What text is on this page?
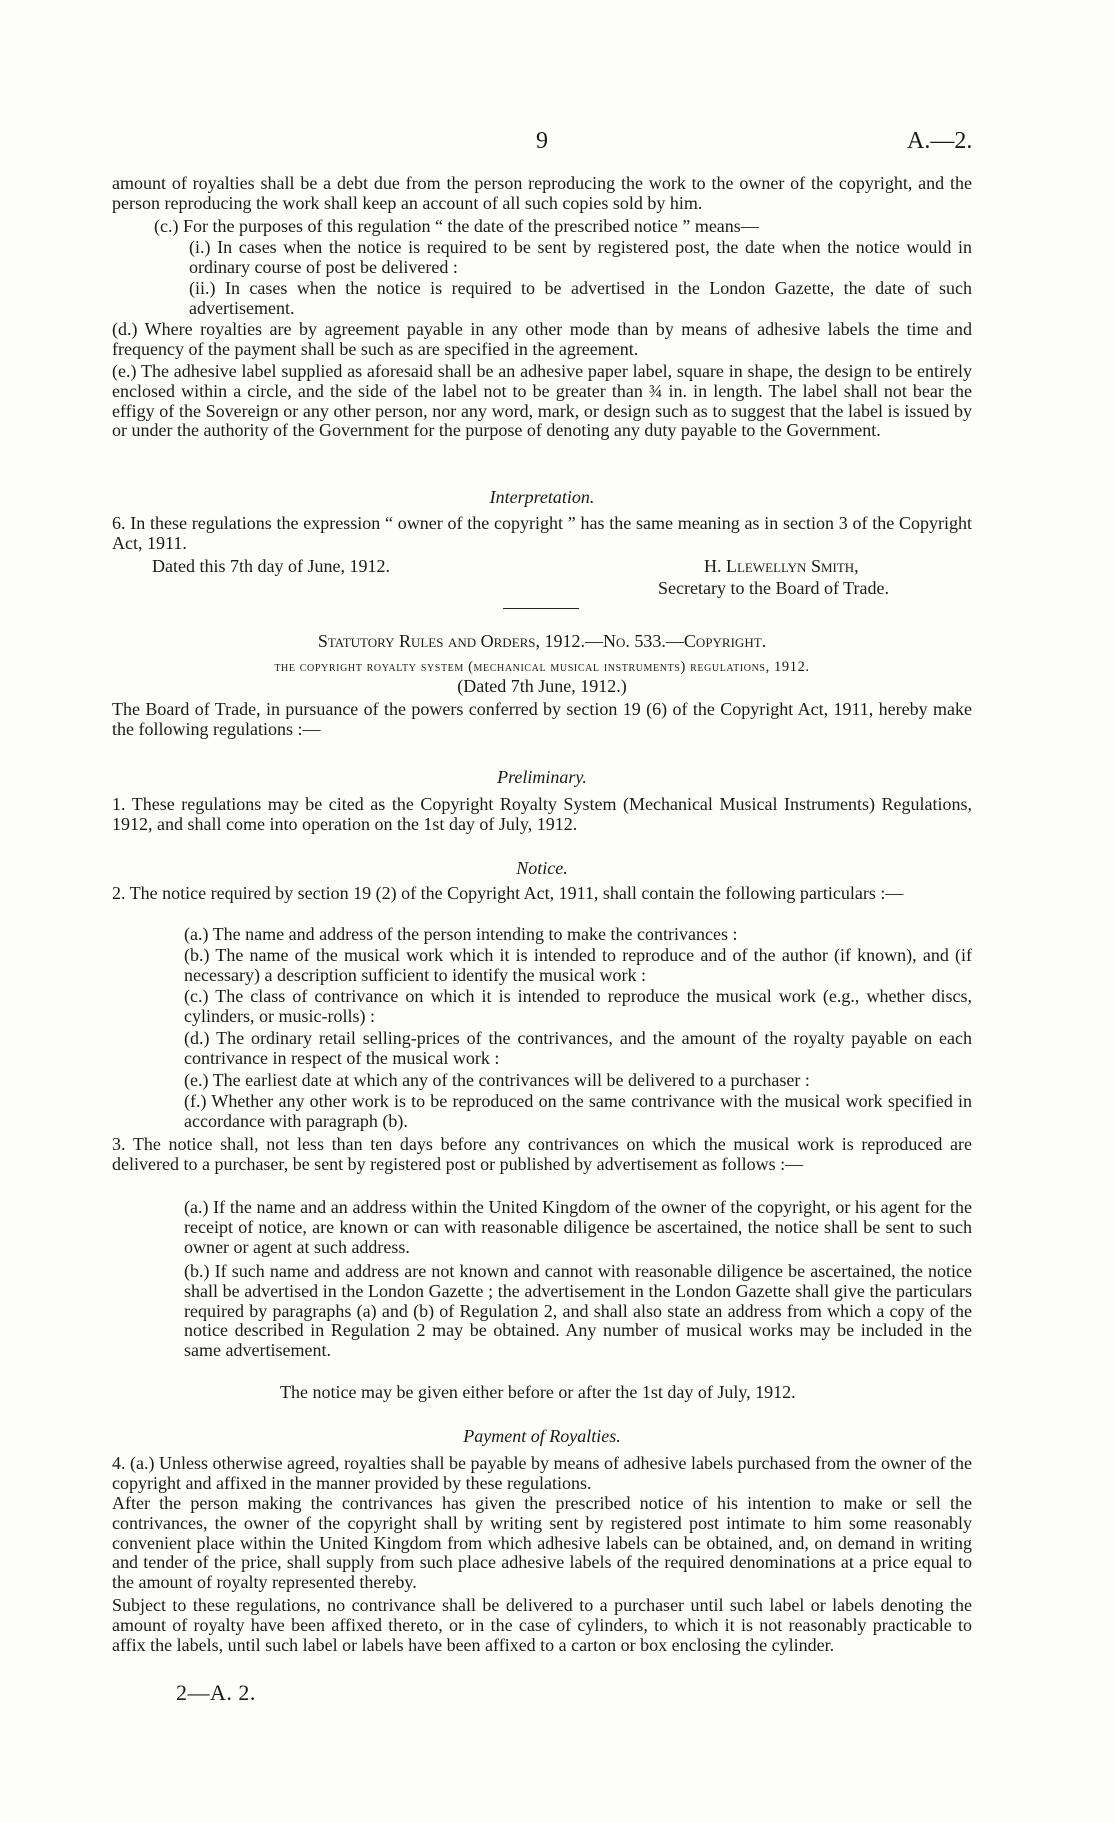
9	A.—2.

amount of royalties shall be a debt due from the person reproducing the work to the owner of the copyright, and the person reproducing the work shall keep an account of all such copies sold by him.

(c.) For the purposes of this regulation “ the date of the prescribed notice ” means—

(i.) In cases when the notice is required to be sent by registered post, the date when the notice would in ordinary course of post be delivered :

(ii.) In cases when the notice is required to be advertised in the London Gazette, the date of such advertisement.

(d.) Where royalties are by agreement payable in any other mode than by means of adhesive labels the time and frequency of the payment shall be such as are specified in the agreement.

(e.) The adhesive label supplied as aforesaid shall be an adhesive paper label, square in shape, the design to be entirely enclosed within a circle, and the side of the label not to be greater than ¾ in. in length. The label shall not bear the effigy of the Sovereign or any other person, nor any word, mark, or design such as to suggest that the label is issued by or under the authority of the Government for the purpose of denoting any duty payable to the Government.

Interpretation.

6. In these regulations the expression “ owner of the copyright ” has the same meaning as in section 3 of the Copyright Act, 1911.

Dated this 7th day of June, 1912.	H. Llewellyn Smith,
Secretary to the Board of Trade.
Statutory Rules and Orders, 1912.—No. 533.—Copyright.
the copyright royalty system (mechanical musical instruments) regulations, 1912.
(Dated 7th June, 1912.)

The Board of Trade, in pursuance of the powers conferred by section 19 (6) of the Copyright Act, 1911, hereby make the following regulations :—

Preliminary.

1. These regulations may be cited as the Copyright Royalty System (Mechanical Musical Instruments) Regulations, 1912, and shall come into operation on the 1st day of July, 1912.

Notice.

2. The notice required by section 19 (2) of the Copyright Act, 1911, shall contain the following particulars :—

(a.) The name and address of the person intending to make the contrivances :

(b.) The name of the musical work which it is intended to reproduce and of the author (if known), and (if necessary) a description sufficient to identify the musical work :

(c.) The class of contrivance on which it is intended to reproduce the musical work (e.g., whether discs, cylinders, or music-rolls) :

(d.) The ordinary retail selling-prices of the contrivances, and the amount of the royalty payable on each contrivance in respect of the musical work :

(e.) The earliest date at which any of the contrivances will be delivered to a purchaser :

(f.) Whether any other work is to be reproduced on the same contrivance with the musical work specified in accordance with paragraph (b).

3. The notice shall, not less than ten days before any contrivances on which the musical work is reproduced are delivered to a purchaser, be sent by registered post or published by advertisement as follows :—

(a.) If the name and an address within the United Kingdom of the owner of the copyright, or his agent for the receipt of notice, are known or can with reasonable diligence be ascertained, the notice shall be sent to such owner or agent at such address.

(b.) If such name and address are not known and cannot with reasonable diligence be ascertained, the notice shall be advertised in the London Gazette ; the advertisement in the London Gazette shall give the particulars required by paragraphs (a) and (b) of Regulation 2, and shall also state an address from which a copy of the notice described in Regulation 2 may be obtained. Any number of musical works may be included in the same advertisement.

The notice may be given either before or after the 1st day of July, 1912.

Payment of Royalties.

4. (a.) Unless otherwise agreed, royalties shall be payable by means of adhesive labels purchased from the owner of the copyright and affixed in the manner provided by these regulations.

After the person making the contrivances has given the prescribed notice of his intention to make or sell the contrivances, the owner of the copyright shall by writing sent by registered post intimate to him some reasonably convenient place within the United Kingdom from which adhesive labels can be obtained, and, on demand in writing and tender of the price, shall supply from such place adhesive labels of the required denominations at a price equal to the amount of royalty represented thereby.

Subject to these regulations, no contrivance shall be delivered to a purchaser until such label or labels denoting the amount of royalty have been affixed thereto, or in the case of cylinders, to which it is not reasonably practicable to affix the labels, until such label or labels have been affixed to a carton or box enclosing the cylinder.

2—A. 2.
